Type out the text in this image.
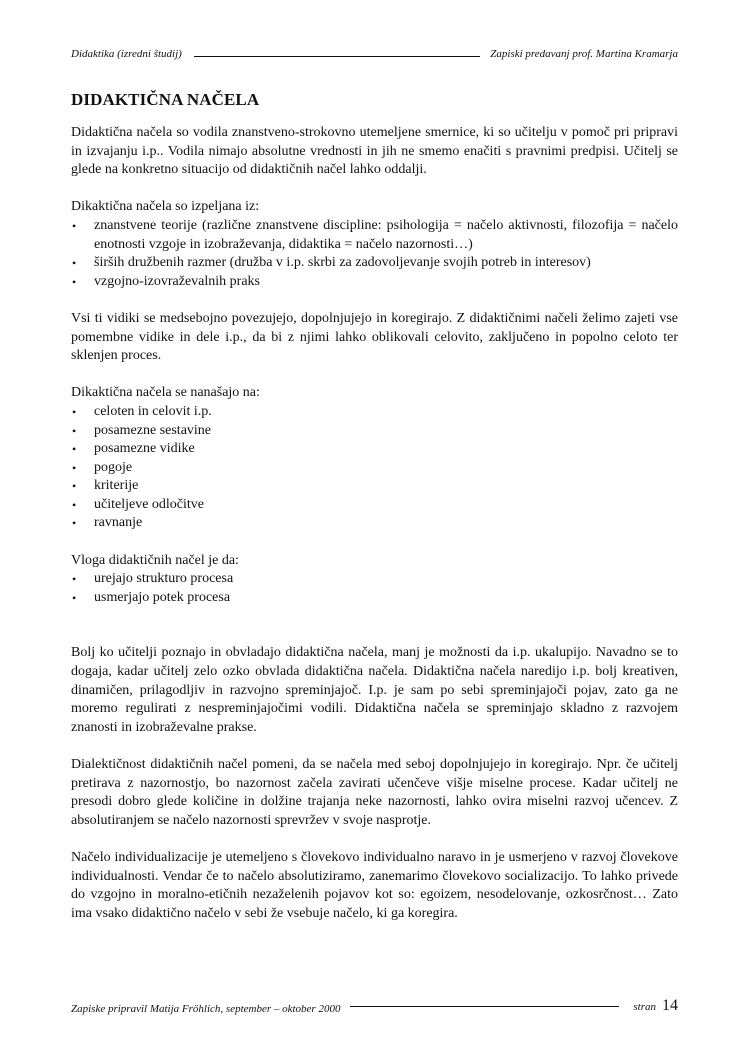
Didaktika (izredni študij)	Zapiski predavanj prof. Martina Kramarja
DIDAKTIČNA NAČELA

Didaktična načela so vodila znanstveno-strokovno utemeljene smernice, ki so učitelju v pomoč pri pripravi in izvajanju i.p.. Vodila nimajo absolutne vrednosti in jih ne smemo enačiti s pravnimi predpisi. Učitelj se glede na konkretno situacijo od didaktičnih načel lahko oddalji.

Dikaktična načela so izpeljana iz:

• znanstvene teorije (različne znanstvene discipline: psihologija = načelo aktivnosti, filozofija = načelo enotnosti vzgoje in izobraževanja, didaktika = načelo nazornosti…)
• širših družbenih razmer (družba v i.p. skrbi za zadovoljevanje svojih potreb in interesov)
• vzgojno-izovraževalnih praks

Vsi ti vidiki se medsebojno povezujejo, dopolnjujejo in koregirajo. Z didaktičnimi načeli želimo zajeti vse pomembne vidike in dele i.p., da bi z njimi lahko oblikovali celovito, zaključeno in popolno celoto ter sklenjen proces.

Dikaktična načela se nanašajo na:

• celoten in celovit i.p.
• posamezne sestavine
• posamezne vidike
• pogoje
• kriterije
• učiteljeve odločitve
• ravnanje

Vloga didaktičnih načel je da:

• urejajo strukturo procesa
• usmerjajo potek procesa

Bolj ko učitelji poznajo in obvladajo didaktična načela, manj je možnosti da i.p. ukalupijo. Navadno se to dogaja, kadar učitelj zelo ozko obvlada didaktična načela. Didaktična načela naredijo i.p. bolj kreativen, dinamičen, prilagodljiv in razvojno spreminjajoč. I.p. je sam po sebi spreminjajoči pojav, zato ga ne moremo regulirati z nespreminjajočimi vodili. Didaktična načela se spreminjajo skladno z razvojem znanosti in izobraževalne prakse.

Dialektičnost didaktičnih načel pomeni, da se načela med seboj dopolnjujejo in koregirajo. Npr. če učitelj pretirava z nazornostjo, bo nazornost začela zavirati učenčeve višje miselne procese. Kadar učitelj ne presodi dobro glede količine in dolžine trajanja neke nazornosti, lahko ovira miselni razvoj učencev. Z absolutiranjem se načelo nazornosti sprevržev v svoje nasprotje.

Načelo individualizacije je utemeljeno s človekovo individualno naravo in je usmerjeno v razvoj človekove individualnosti. Vendar če to načelo absolutiziramo, zanemarimo človekovo socializacijo. To lahko privede do vzgojno in moralno-etičnih nezaželenih pojavov kot so: egoizem, nesodelovanje, ozkosrčnost… Zato ima vsako didaktično načelo v sebi že vsebuje načelo, ki ga koregira.

Zapiske pripravil Matija Fröhlich, september – oktober 2000	stran 14
